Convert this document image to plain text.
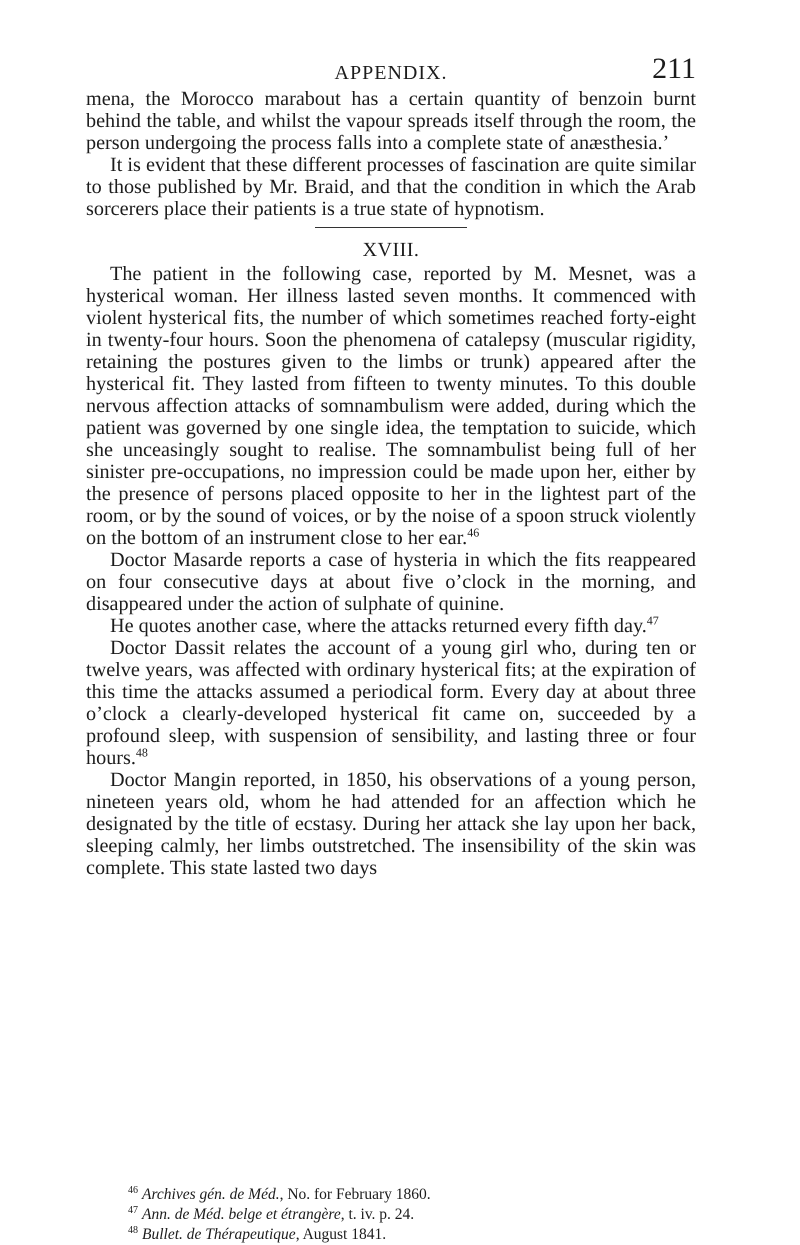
APPENDIX.	211

mena, the Morocco marabout has a certain quantity of benzoin burnt behind the table, and whilst the vapour spreads itself through the room, the person undergoing the process falls into a complete state of anæsthesia.’

It is evident that these different processes of fascination are quite similar to those published by Mr. Braid, and that the condition in which the Arab sorcerers place their patients is a true state of hypnotism.

XVIII.

The patient in the following case, reported by M. Mesnet, was a hysterical woman. Her illness lasted seven months. It commenced with violent hysterical fits, the number of which sometimes reached forty-eight in twenty-four hours. Soon the phenomena of catalepsy (muscular rigidity, retaining the postures given to the limbs or trunk) appeared after the hysterical fit. They lasted from fifteen to twenty minutes. To this double nervous affection attacks of somnambulism were added, during which the patient was governed by one single idea, the temptation to suicide, which she unceasingly sought to realise. The somnambulist being full of her sinister pre-occupations, no impression could be made upon her, either by the presence of persons placed opposite to her in the lightest part of the room, or by the sound of voices, or by the noise of a spoon struck violently on the bottom of an instrument close to her ear.$^{46}$

Doctor Masarde reports a case of hysteria in which the fits reappeared on four consecutive days at about five o’clock in the morning, and disappeared under the action of sulphate of quinine.

He quotes another case, where the attacks returned every fifth day.$^{47}$

Doctor Dassit relates the account of a young girl who, during ten or twelve years, was affected with ordinary hysterical fits; at the expiration of this time the attacks assumed a periodical form. Every day at about three o’clock a clearly-developed hysterical fit came on, succeeded by a profound sleep, with suspension of sensibility, and lasting three or four hours.$^{48}$

Doctor Mangin reported, in 1850, his observations of a young person, nineteen years old, whom he had attended for an affection which he designated by the title of ecstasy. During her attack she lay upon her back, sleeping calmly, her limbs outstretched. The insensibility of the skin was complete. This state lasted two days

$^{46}$ Archives gén. de Méd., No. for February 1860.

$^{47}$ Ann. de Méd. belge et étrangère, t. iv. p. 24.

$^{48}$ Bullet. de Thérapeutique, August 1841.
